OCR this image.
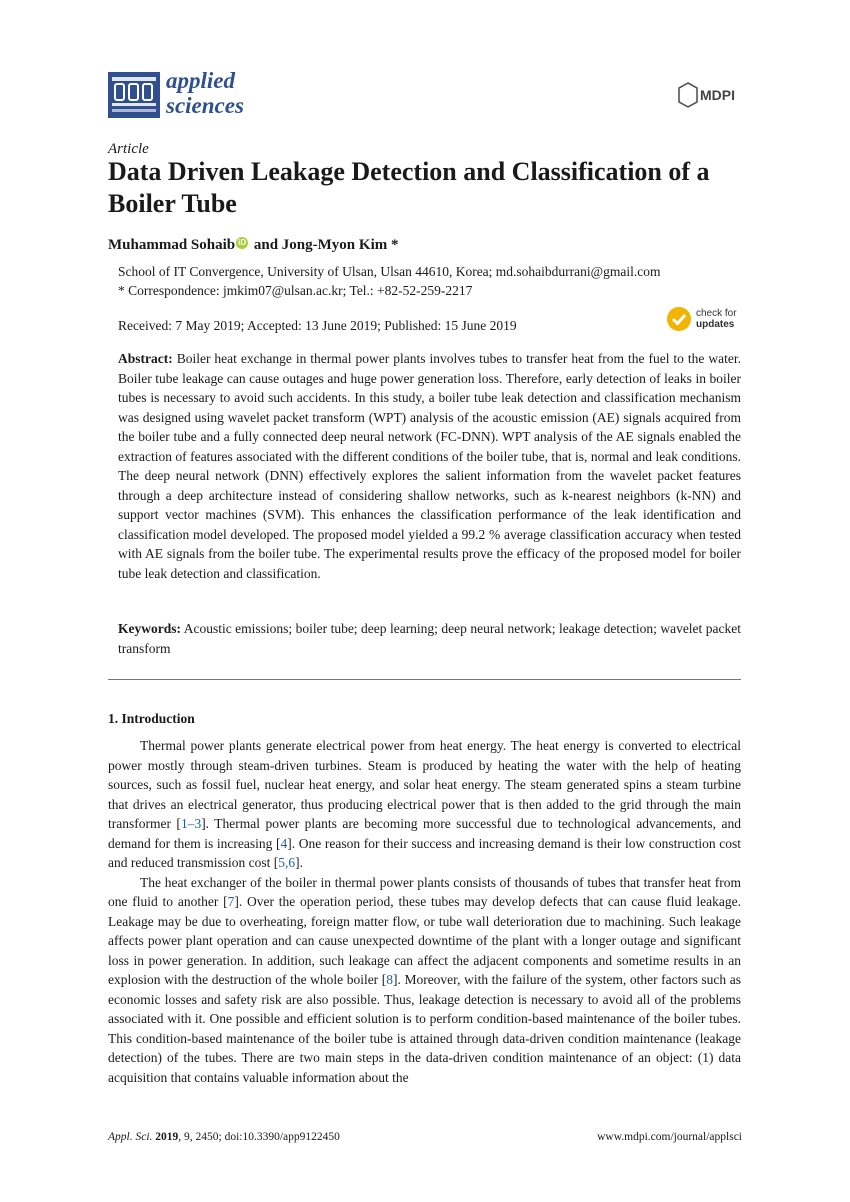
applied
sciences	MDPI
Article
Data Driven Leakage Detection and Classification of a Boiler Tube
Muhammad Sohaib iD and Jong-Myon Kim *
School of IT Convergence, University of Ulsan, Ulsan 44610, Korea; md.sohaibdurrani@gmail.com
* Correspondence: jmkim07@ulsan.ac.kr; Tel.: +82-52-259-2217
Received: 7 May 2019; Accepted: 13 June 2019; Published: 15 June 2019
check for
updates
Abstract: Boiler heat exchange in thermal power plants involves tubes to transfer heat from the fuel to the water. Boiler tube leakage can cause outages and huge power generation loss. Therefore, early detection of leaks in boiler tubes is necessary to avoid such accidents. In this study, a boiler tube leak detection and classification mechanism was designed using wavelet packet transform (WPT) analysis of the acoustic emission (AE) signals acquired from the boiler tube and a fully connected deep neural network (FC-DNN). WPT analysis of the AE signals enabled the extraction of features associated with the different conditions of the boiler tube, that is, normal and leak conditions. The deep neural network (DNN) effectively explores the salient information from the wavelet packet features through a deep architecture instead of considering shallow networks, such as k-nearest neighbors (k-NN) and support vector machines (SVM). This enhances the classification performance of the leak identification and classification model developed. The proposed model yielded a 99.2 % average classification accuracy when tested with AE signals from the boiler tube. The experimental results prove the efficacy of the proposed model for boiler tube leak detection and classification.
Keywords: Acoustic emissions; boiler tube; deep learning; deep neural network; leakage detection; wavelet packet transform
1. Introduction

Thermal power plants generate electrical power from heat energy. The heat energy is converted to electrical power mostly through steam-driven turbines. Steam is produced by heating the water with the help of heating sources, such as fossil fuel, nuclear heat energy, and solar heat energy. The steam generated spins a steam turbine that drives an electrical generator, thus producing electrical power that is then added to the grid through the main transformer [1–3]. Thermal power plants are becoming more successful due to technological advancements, and demand for them is increasing [4]. One reason for their success and increasing demand is their low construction cost and reduced transmission cost [5,6].

The heat exchanger of the boiler in thermal power plants consists of thousands of tubes that transfer heat from one fluid to another [7]. Over the operation period, these tubes may develop defects that can cause fluid leakage. Leakage may be due to overheating, foreign matter flow, or tube wall deterioration due to machining. Such leakage affects power plant operation and can cause unexpected downtime of the plant with a longer outage and significant loss in power generation. In addition, such leakage can affect the adjacent components and sometime results in an explosion with the destruction of the whole boiler [8]. Moreover, with the failure of the system, other factors such as economic losses and safety risk are also possible. Thus, leakage detection is necessary to avoid all of the problems associated with it. One possible and efficient solution is to perform condition-based maintenance of the boiler tubes. This condition-based maintenance of the boiler tube is attained through data-driven condition maintenance (leakage detection) of the tubes. There are two main steps in the data-driven condition maintenance of an object: (1) data acquisition that contains valuable information about the

Appl. Sci. 2019, 9, 2450; doi:10.3390/app9122450	www.mdpi.com/journal/applsci
